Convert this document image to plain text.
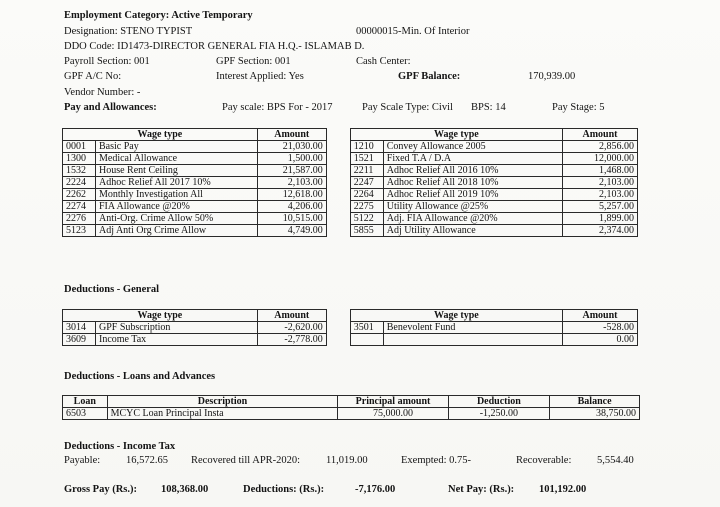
Employment Category: Active Temporary
Designation: STENO TYPIST	00000015-Min. Of Interior
DDO Code: ID1473-DIRECTOR GENERAL FIA H.Q.- ISLAMAB D.
Payroll Section: 001	GPF Section: 001	Cash Center:
GPF A/C No:	Interest Applied: Yes	GPF Balance:	170,939.00
Vendor Number: -
Pay and Allowances:	Pay scale: BPS For - 2017	Pay Scale Type: Civil BPS: 14	Pay Stage: 5
Wage type		Amount		Wage type		Amount
0001	Basic Pay	21,030.00		1210	Convey Allowance 2005	2,856.00
1300	Medical Allowance	1,500.00		1521	Fixed T.A / D.A	12,000.00
1532	House Rent Ceiling	21,587.00		2211	Adhoc Relief All 2016 10%	1,468.00
2224	Adhoc Relief All 2017 10%	2,103.00		2247	Adhoc Relief All 2018 10%	2,103.00
2262	Monthly Investigation All	12,618.00		2264	Adhoc Relief All 2019 10%	2,103.00
2274	FIA Allowance @20%	4,206.00		2275	Utility Allowance @25%	5,257.00
2276	Anti-Org. Crime Allow 50%	10,515.00		5122	Adj. FIA Allowance @20%	1,899.00
5123	Adj Anti Org Crime Allow	4,749.00		5855	Adj Utility Allowance	2,374.00
Deductions - General
Wage type		Amount		Wage type		Amount
3014	GPF Subscription	-2,620.00		3501	Benevolent Fund	-528.00
3609	Income Tax	-2,778.00				0.00
Deductions - Loans and Advances
Loan	Description	Principal amount	Deduction	Balance
6503	MCYC Loan Principal Insta	75,000.00	-1,250.00	38,750.00
Deductions - Income Tax
Payable: 16,572.65 Recovered till APR-2020: 11,019.00	Exempted: 0.75-	Recoverable: 5,554.40
Gross Pay (Rs.): 108,368.00	Deductions: (Rs.):	-7,176.00	Net Pay: (Rs.): 101,192.00
